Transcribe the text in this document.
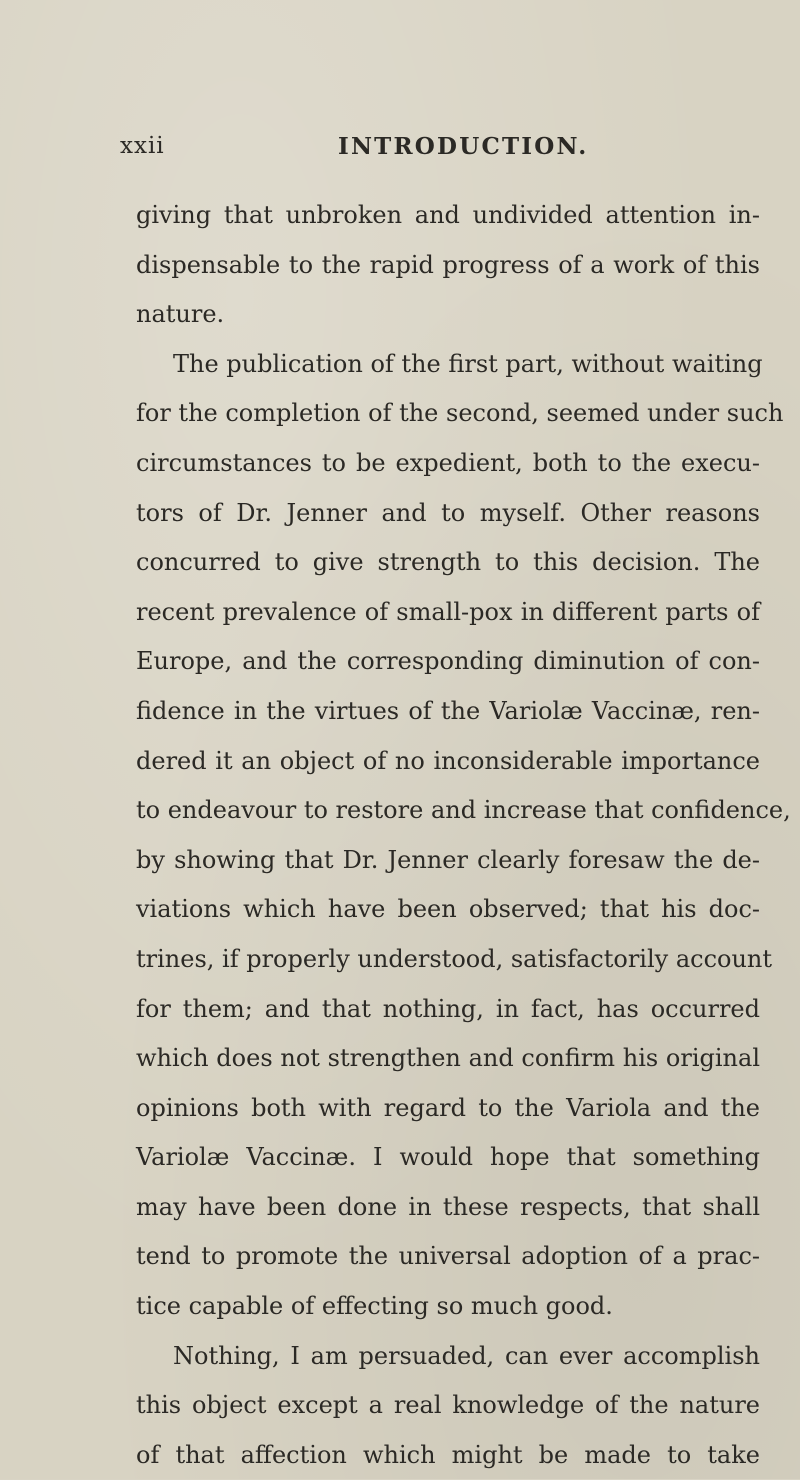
xxii	INTRODUCTION.
giving that unbroken and undivided attention in-
dispensable to the rapid progress of a work of this
nature.
The publication of the first part, without waiting
for the completion of the second, seemed under such
circumstances to be expedient, both to the execu-
tors of Dr. Jenner and to myself. Other reasons
concurred to give strength to this decision. The
recent prevalence of small-pox in different parts of
Europe, and the corresponding diminution of con-
fidence in the virtues of the Variolæ Vaccinæ, ren-
dered it an object of no inconsiderable importance
to endeavour to restore and increase that confidence,
by showing that Dr. Jenner clearly foresaw the de-
viations which have been observed; that his doc-
trines, if properly understood, satisfactorily account
for them; and that nothing, in fact, has occurred
which does not strengthen and confirm his original
opinions both with regard to the Variola and the
Variolæ Vaccinæ. I would hope that something
may have been done in these respects, that shall
tend to promote the universal adoption of a prac-
tice capable of effecting so much good.
Nothing, I am persuaded, can ever accomplish
this object except a real knowledge of the nature
of that affection which might be made to take
